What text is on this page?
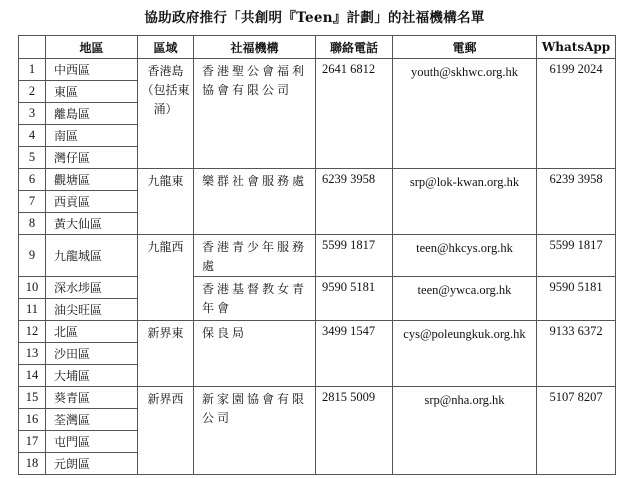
協助政府推行「共創明『Teen』計劃」的社福機構名單
	地區	區域	社福機構	聯絡電話	電郵	WhatsApp
1	中西區	香港島（包括東涌）	香港聖公會福利協會有限公司	2641 6812	youth@skhwc.org.hk	6199 2024
2	東區					
3	離島區					
4	南區					
5	灣仔區					
6	觀塘區	九龍東	樂群社會服務處	6239 3958	srp@lok-kwan.org.hk	6239 3958
7	西貢區					
8	黃大仙區					
9	九龍城區	九龍西	香港青少年服務處	5599 1817	teen@hkcys.org.hk	5599 1817
10	深水埗區		香港基督教女青年會	9590 5181	teen@ywca.org.hk	9590 5181
11	油尖旺區					
12	北區	新界東	保良局	3499 1547	cys@poleungkuk.org.hk	9133 6372
13	沙田區					
14	大埔區					
15	葵青區	新界西	新家園協會有限公司	2815 5009	srp@nha.org.hk	5107 8207
16	荃灣區					
17	屯門區					
18	元朗區					
